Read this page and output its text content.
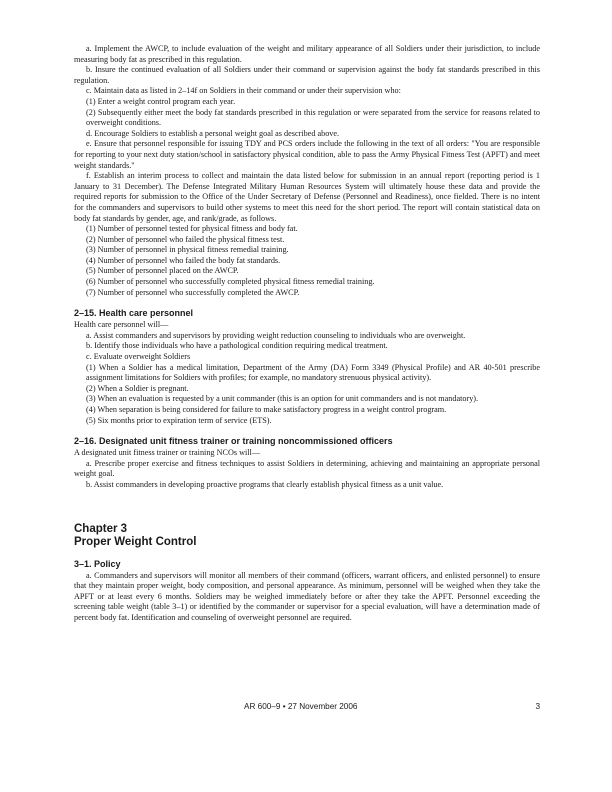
a. Implement the AWCP, to include evaluation of the weight and military appearance of all Soldiers under their jurisdiction, to include measuring body fat as prescribed in this regulation.

b. Insure the continued evaluation of all Soldiers under their command or supervision against the body fat standards prescribed in this regulation.

c. Maintain data as listed in 2–14f on Soldiers in their command or under their supervision who:

(1) Enter a weight control program each year.

(2) Subsequently either meet the body fat standards prescribed in this regulation or were separated from the service for reasons related to overweight conditions.

d. Encourage Soldiers to establish a personal weight goal as described above.

e. Ensure that personnel responsible for issuing TDY and PCS orders include the following in the text of all orders: "You are responsible for reporting to your next duty station/school in satisfactory physical condition, able to pass the Army Physical Fitness Test (APFT) and meet weight standards."

f. Establish an interim process to collect and maintain the data listed below for submission in an annual report (reporting period is 1 January to 31 December). The Defense Integrated Military Human Resources System will ultimately house these data and provide the required reports for submission to the Office of the Under Secretary of Defense (Personnel and Readiness), once fielded. There is no intent for the commanders and supervisors to build other systems to meet this need for the short period. The report will contain statistical data on body fat standards by gender, age, and rank/grade, as follows.

(1) Number of personnel tested for physical fitness and body fat.

(2) Number of personnel who failed the physical fitness test.

(3) Number of personnel in physical fitness remedial training.

(4) Number of personnel who failed the body fat standards.

(5) Number of personnel placed on the AWCP.

(6) Number of personnel who successfully completed physical fitness remedial training.

(7) Number of personnel who successfully completed the AWCP.

2–15. Health care personnel

Health care personnel will—

a. Assist commanders and supervisors by providing weight reduction counseling to individuals who are overweight.

b. Identify those individuals who have a pathological condition requiring medical treatment.

c. Evaluate overweight Soldiers

(1) When a Soldier has a medical limitation, Department of the Army (DA) Form 3349 (Physical Profile) and AR 40-501 prescribe assignment limitations for Soldiers with profiles; for example, no mandatory strenuous physical activity).

(2) When a Soldier is pregnant.

(3) When an evaluation is requested by a unit commander (this is an option for unit commanders and is not mandatory).

(4) When separation is being considered for failure to make satisfactory progress in a weight control program.

(5) Six months prior to expiration term of service (ETS).

2–16. Designated unit fitness trainer or training noncommissioned officers

A designated unit fitness trainer or training NCOs will—

a. Prescribe proper exercise and fitness techniques to assist Soldiers in determining, achieving and maintaining an appropriate personal weight goal.

b. Assist commanders in developing proactive programs that clearly establish physical fitness as a unit value.

Chapter 3
Proper Weight Control
3–1. Policy

a. Commanders and supervisors will monitor all members of their command (officers, warrant officers, and enlisted personnel) to ensure that they maintain proper weight, body composition, and personal appearance. As minimum, personnel will be weighed when they take the APFT or at least every 6 months. Soldiers may be weighed immediately before or after they take the APFT. Personnel exceeding the screening table weight (table 3–1) or identified by the commander or supervisor for a special evaluation, will have a determination made of percent body fat. Identification and counseling of overweight personnel are required.

AR 600–9 • 27 November 2006	3
